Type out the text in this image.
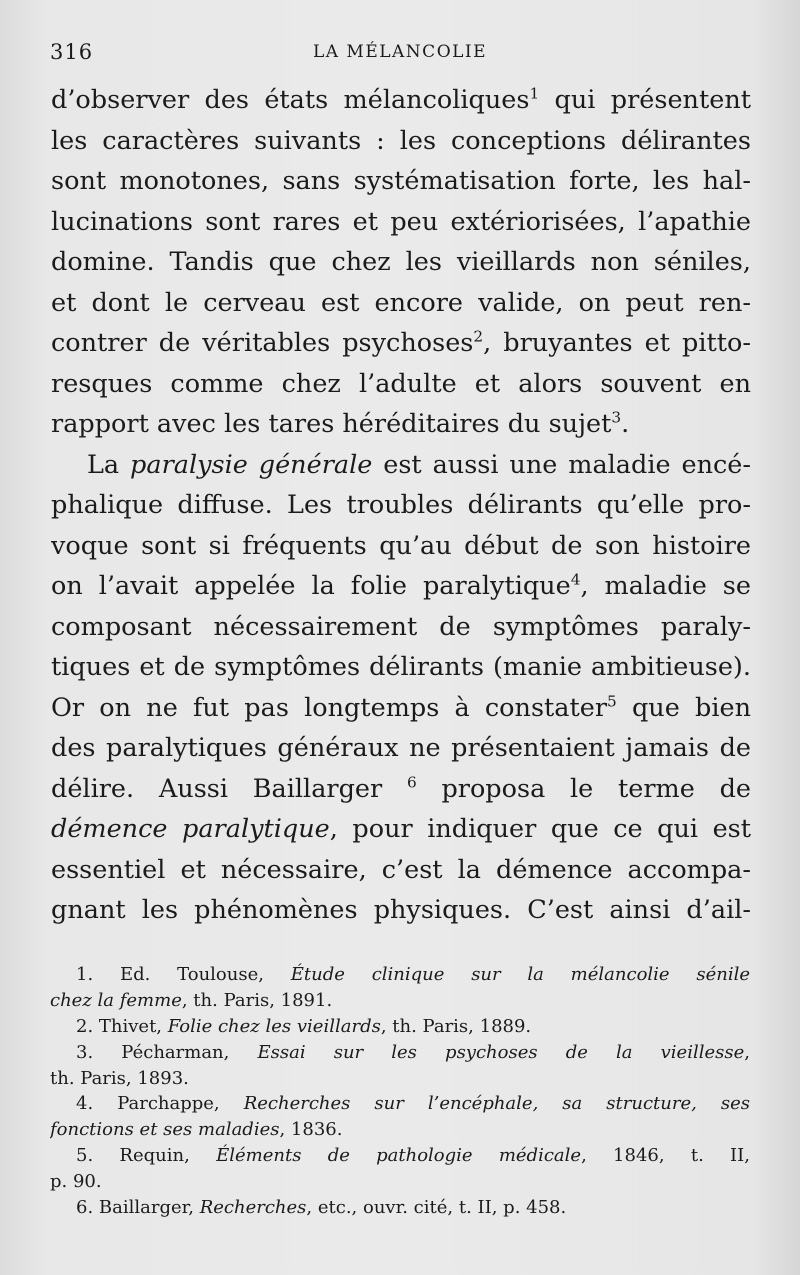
316	LA MÉLANCOLIE
d’observer des états mélancoliques$^1$ qui présentent
les caractères suivants : les conceptions délirantes
sont monotones, sans systématisation forte, les hal-
lucinations sont rares et peu extériorisées, l’apathie
domine. Tandis que chez les vieillards non séniles,
et dont le cerveau est encore valide, on peut ren-
contrer de véritables psychoses$^2$, bruyantes et pitto-
resques comme chez l’adulte et alors souvent en
rapport avec les tares héréditaires du sujet$^3$.
La paralysie générale est aussi une maladie encé-
phalique diffuse. Les troubles délirants qu’elle pro-
voque sont si fréquents qu’au début de son histoire
on l’avait appelée la folie paralytique$^4$, maladie se
composant nécessairement de symptômes paraly-
tiques et de symptômes délirants (manie ambitieuse).
Or on ne fut pas longtemps à constater$^5$ que bien
des paralytiques généraux ne présentaient jamais de
délire. Aussi Baillarger $^6$ proposa le terme de
démence paralytique, pour indiquer que ce qui est
essentiel et nécessaire, c’est la démence accompa-
gnant les phénomènes physiques. C’est ainsi d’ail-
1. Ed. Toulouse, Étude clinique sur la mélancolie sénile
chez la femme, th. Paris, 1891.
2. Thivet, Folie chez les vieillards, th. Paris, 1889.
3. Pécharman, Essai sur les psychoses de la vieillesse,
th. Paris, 1893.
4. Parchappe, Recherches sur l’encéphale, sa structure, ses
fonctions et ses maladies, 1836.
5. Requin, Éléments de pathologie médicale, 1846, t. II,
p. 90.
6. Baillarger, Recherches, etc., ouvr. cité, t. II, p. 458.
